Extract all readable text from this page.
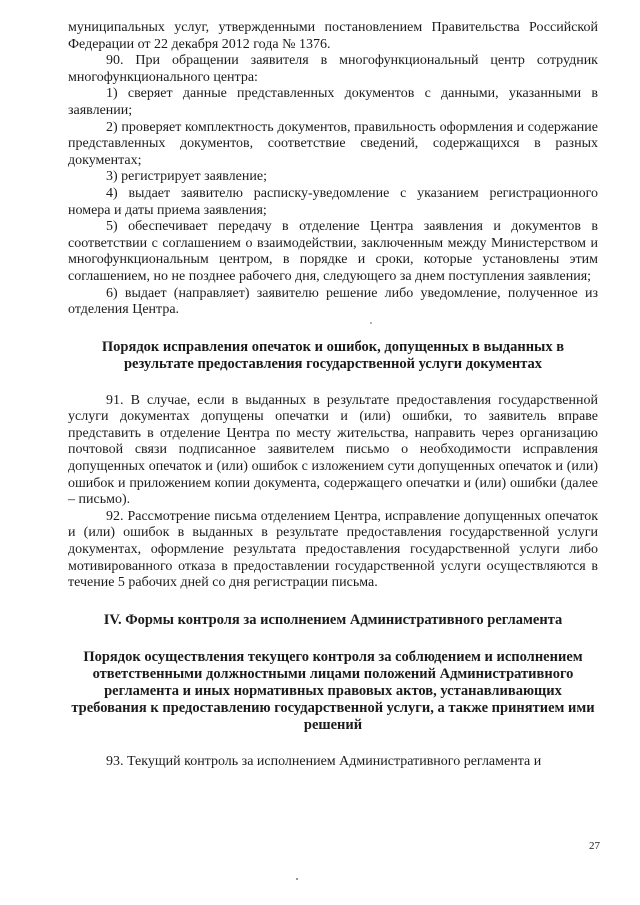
муниципальных услуг, утвержденными постановлением Правительства Российской Федерации от 22 декабря 2012 года № 1376.

90. При обращении заявителя в многофункциональный центр сотрудник многофункционального центра:

1) сверяет данные представленных документов с данными, указанными в заявлении;

2) проверяет комплектность документов, правильность оформления и содержание представленных документов, соответствие сведений, содержащихся в разных документах;

3) регистрирует заявление;

4) выдает заявителю расписку-уведомление с указанием регистрационного номера и даты приема заявления;

5) обеспечивает передачу в отделение Центра заявления и документов в соответствии с соглашением о взаимодействии, заключенным между Министерством и многофункциональным центром, в порядке и сроки, которые установлены этим соглашением, но не позднее рабочего дня, следующего за днем поступления заявления;

6) выдает (направляет) заявителю решение либо уведомление, полученное из отделения Центра.

Порядок исправления опечаток и ошибок, допущенных в выданных в результате предоставления государственной услуги документах

91. В случае, если в выданных в результате предоставления государственной услуги документах допущены опечатки и (или) ошибки, то заявитель вправе представить в отделение Центра по месту жительства, направить через организацию почтовой связи подписанное заявителем письмо о необходимости исправления допущенных опечаток и (или) ошибок с изложением сути допущенных опечаток и (или) ошибок и приложением копии документа, содержащего опечатки и (или) ошибки (далее – письмо).

92. Рассмотрение письма отделением Центра, исправление допущенных опечаток и (или) ошибок в выданных в результате предоставления государственной услуги документах, оформление результата предоставления государственной услуги либо мотивированного отказа в предоставлении государственной услуги осуществляются в течение 5 рабочих дней со дня регистрации письма.

IV. Формы контроля за исполнением Административного регламента

Порядок осуществления текущего контроля за соблюдением и исполнением ответственными должностными лицами положений Административного регламента и иных нормативных правовых актов, устанавливающих требования к предоставлению государственной услуги, а также принятием ими решений

93. Текущий контроль за исполнением Административного регламента и

27
